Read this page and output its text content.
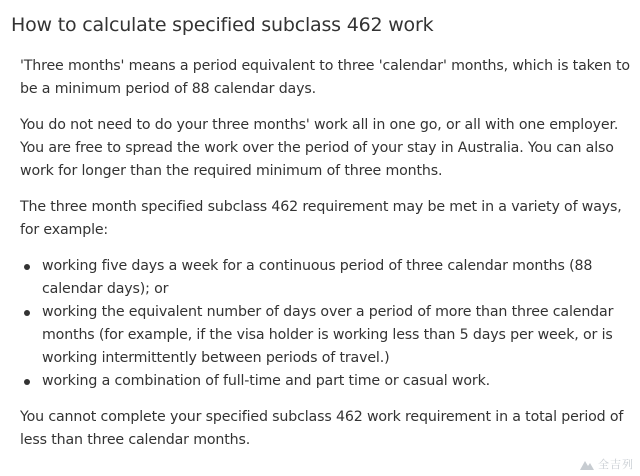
How to calculate specified subclass 462 work

'Three months' means a period equivalent to three 'calendar' months, which is taken to be a minimum period of 88 calendar days.

You do not need to do your three months' work all in one go, or all with one employer. You are free to spread the work over the period of your stay in Australia. You can also work for longer than the required minimum of three months.

The three month specified subclass 462 requirement may be met in a variety of ways, for example:

working five days a week for a continuous period of three calendar months (88 calendar days); or
working the equivalent number of days over a period of more than three calendar months (for example, if the visa holder is working less than 5 days per week, or is working intermittently between periods of travel.)
working a combination of full-time and part time or casual work.

You cannot complete your specified subclass 462 work requirement in a total period of less than three calendar months.

全吉列
